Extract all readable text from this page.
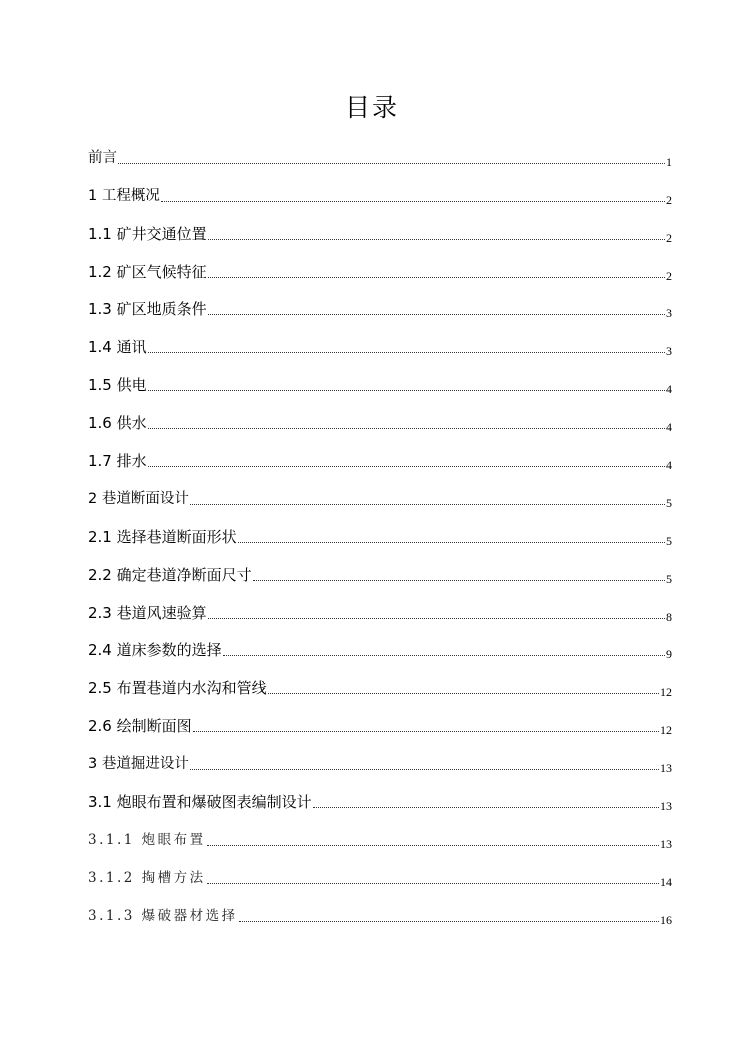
目录
前言	1
1 工程概况	2
1.1 矿井交通位置	2
1.2 矿区气候特征	2
1.3 矿区地质条件	3
1.4 通讯	3
1.5 供电	4
1.6 供水	4
1.7 排水	4
2 巷道断面设计	5
2.1 选择巷道断面形状	5
2.2 确定巷道净断面尺寸	5
2.3 巷道风速验算	8
2.4 道床参数的选择	9
2.5 布置巷道内水沟和管线	12
2.6 绘制断面图	12
3 巷道掘进设计	13
3.1 炮眼布置和爆破图表编制设计	13
3.1.1 炮眼布置	13
3.1.2 掏槽方法	14
3.1.3 爆破器材选择	16
